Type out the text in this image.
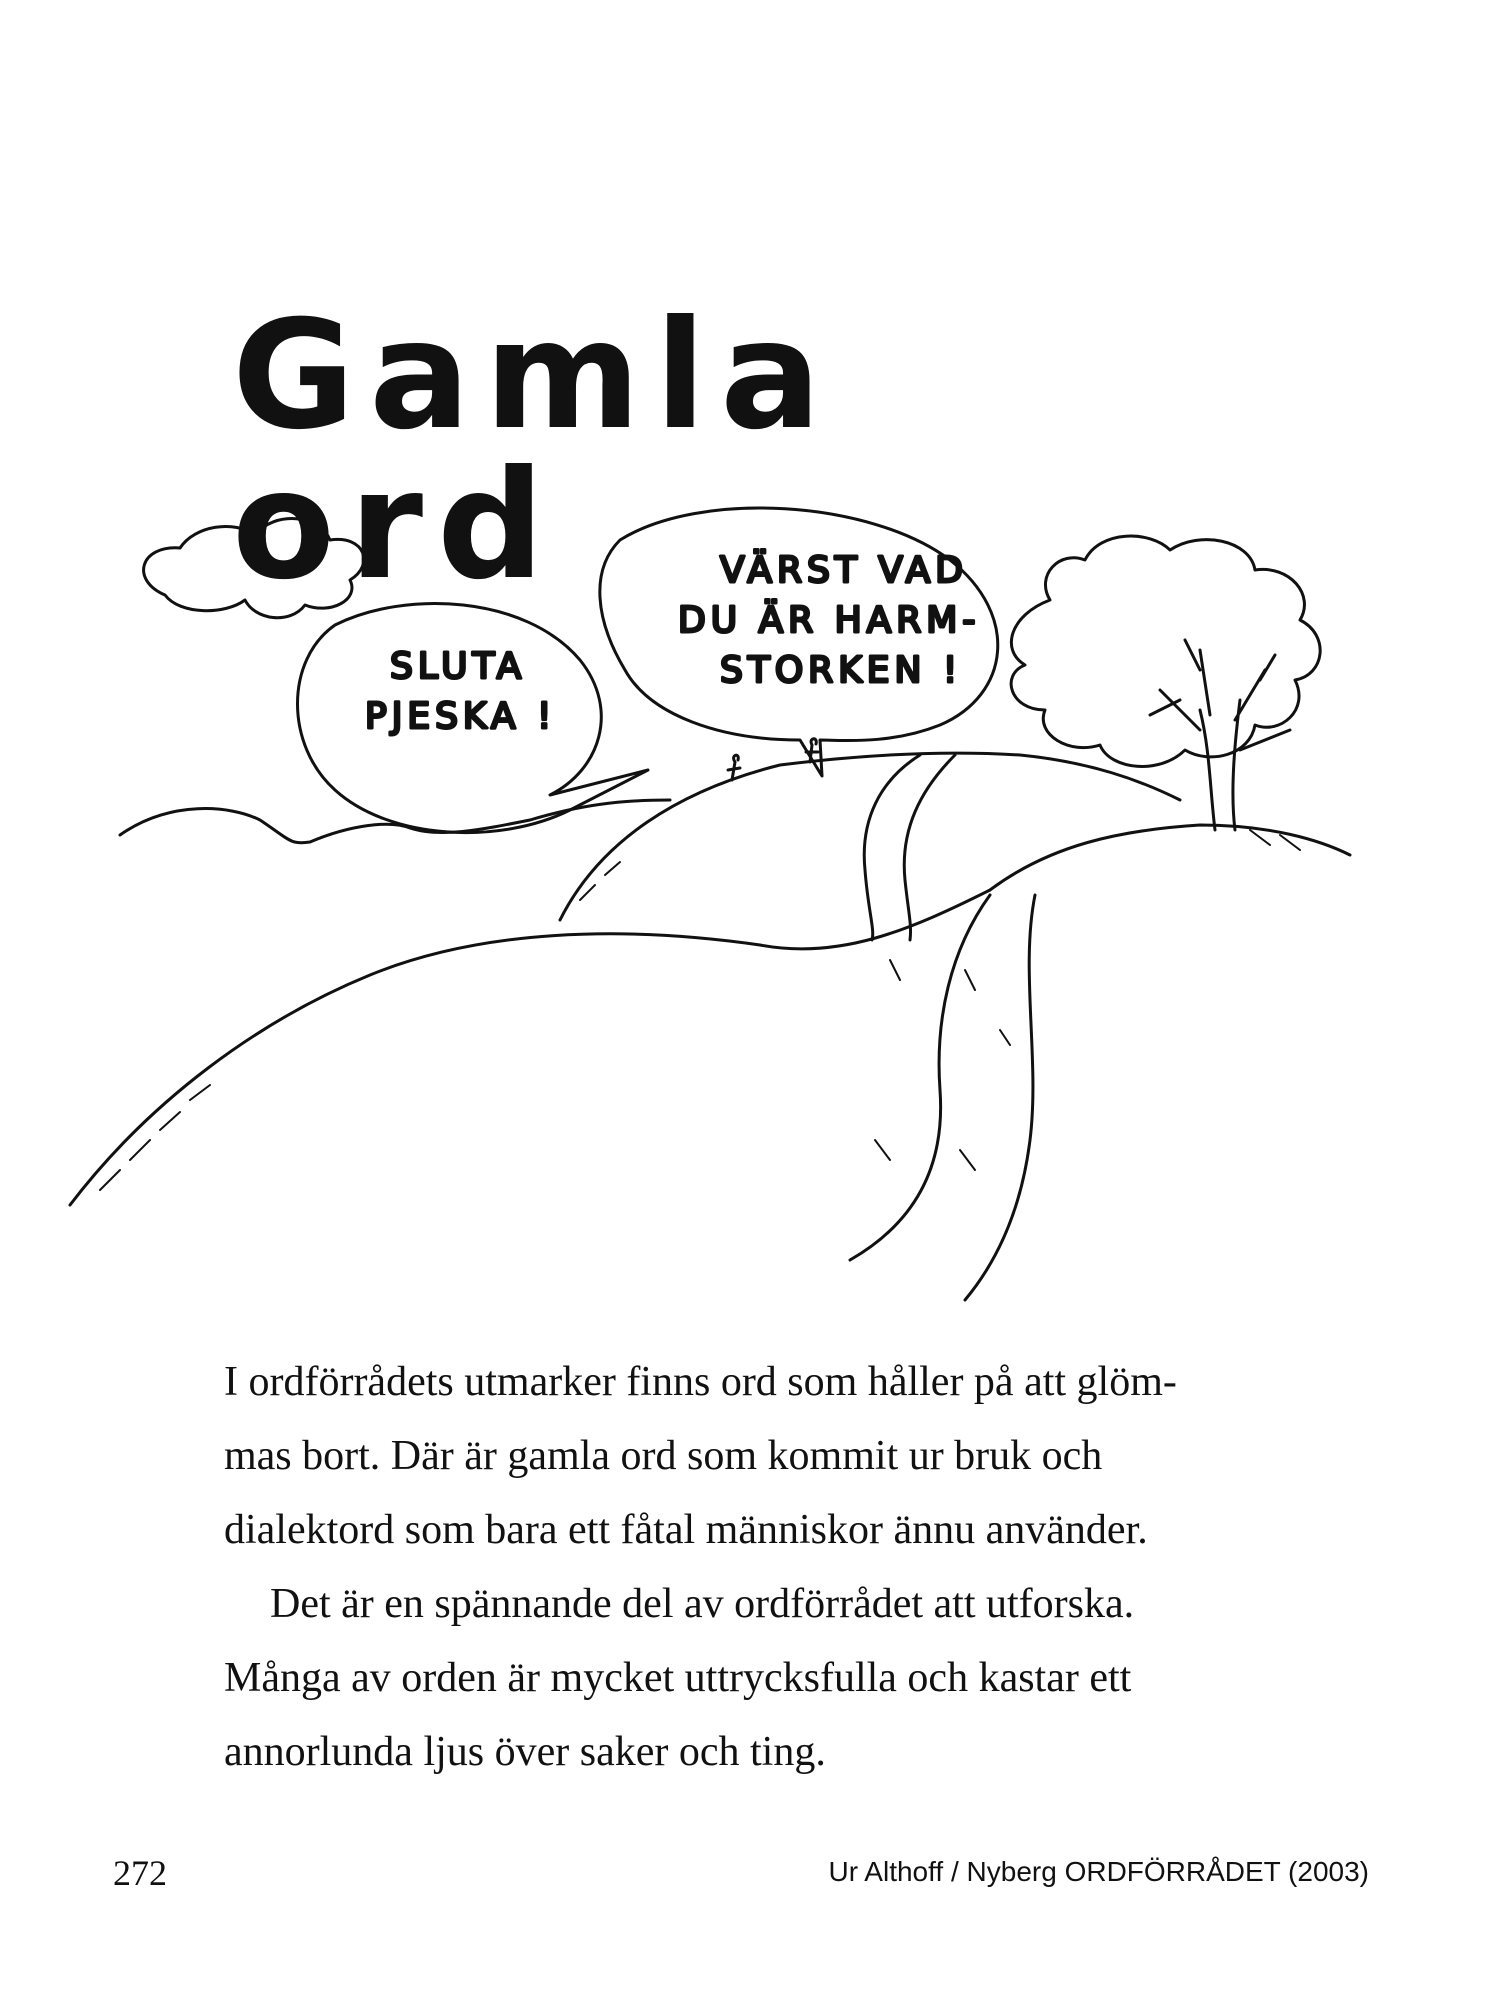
Gamla ord
SLUTA
PJESKA !
VÄRST VAD
DU ÄR HARM-
STORKEN !

I ordförrådets utmarker finns ord som håller på att glöm-
mas bort. Där är gamla ord som kommit ur bruk och
dialektord som bara ett fåtal människor ännu använder.

Det är en spännande del av ordförrådet att utforska.
Många av orden är mycket uttrycksfulla och kastar ett
annorlunda ljus över saker och ting.

272	Ur Althoff / Nyberg ORDFÖRRÅDET (2003)
